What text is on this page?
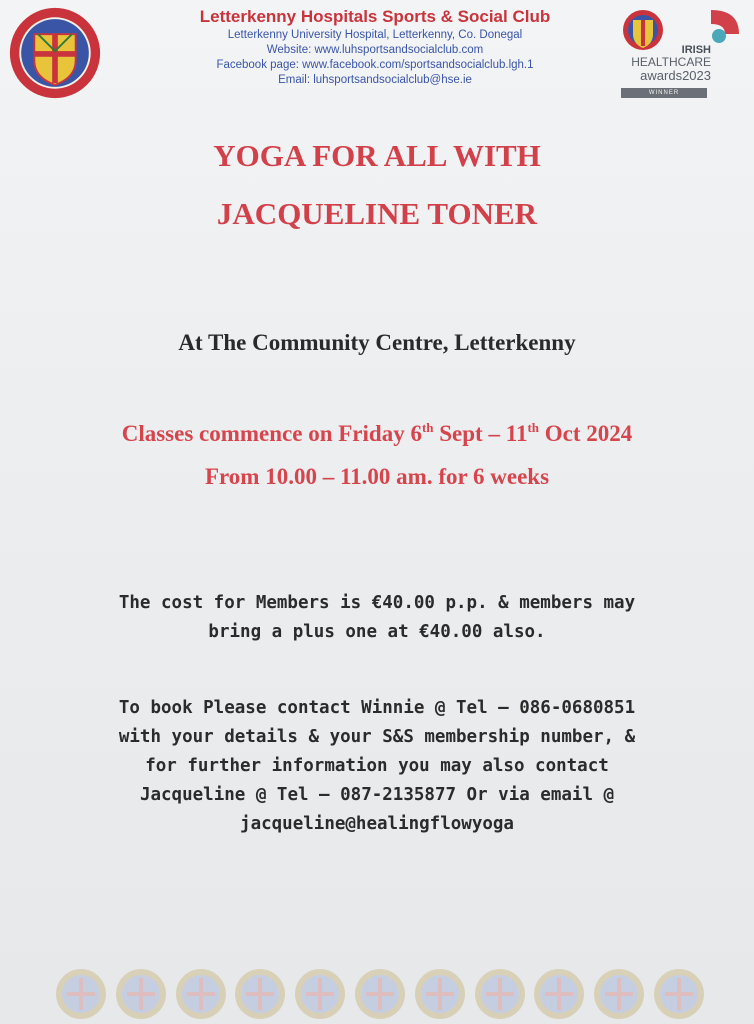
Letterkenny Hospitals Sports & Social Club
Letterkenny University Hospital, Letterkenny, Co. Donegal
Website: www.luhsportsandsocialclub.com
Facebook page: www.facebook.com/sportsandsocialclub.lgh.1
Email: luhsportsandsocialclub@hse.ie
IRISH
HEALTHCARE
awards2023
WINNER
YOGA FOR ALL WITH
JACQUELINE TONER
At The Community Centre, Letterkenny
Classes commence on Friday 6th Sept – 11th Oct 2024
From 10.00 – 11.00 am. for 6 weeks
The cost for Members is €40.00 p.p. & members may
bring a plus one at €40.00 also.
To book Please contact Winnie @ Tel – 086-0680851
with your details & your S&S membership number, &
for further information you may also contact
Jacqueline @ Tel – 087-2135877 Or via email @
jacqueline@healingflowyoga
